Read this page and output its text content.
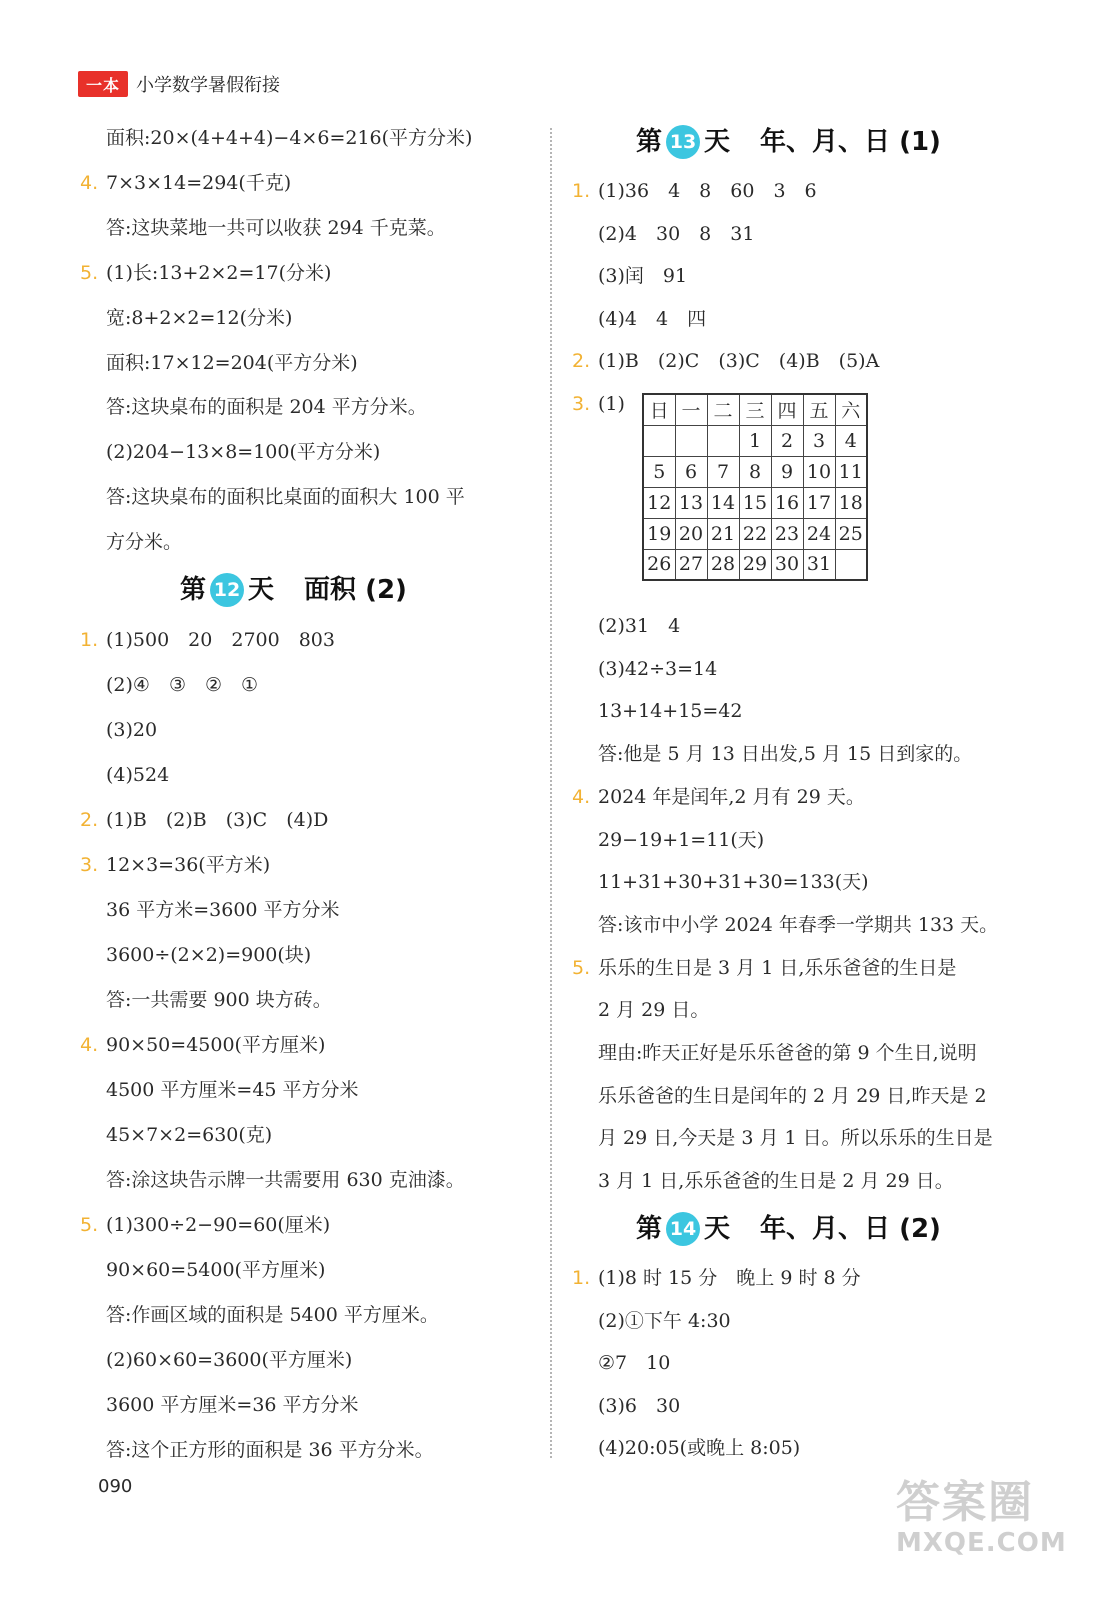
一本 小学数学暑假衔接
面积:20×(4+4+4)−4×6=216(平方分米)
4. 7×3×14=294(千克)
答:这块菜地一共可以收获 294 千克菜。
5. (1)长:13+2×2=17(分米)
宽:8+2×2=12(分米)
面积:17×12=204(平方分米)
答:这块桌布的面积是 204 平方分米。
(2)204−13×8=100(平方分米)
答:这块桌布的面积比桌面的面积大 100 平
方分米。
1. (1)500　20　2700　803
(2)④　③　②　①
(3)20
(4)524
2. (1)B　(2)B　(3)C　(4)D
3. 12×3=36(平方米)
36 平方米=3600 平方分米
3600÷(2×2)=900(块)
答:一共需要 900 块方砖。
4. 90×50=4500(平方厘米)
4500 平方厘米=45 平方分米
45×7×2=630(克)
答:涂这块告示牌一共需要用 630 克油漆。
5. (1)300÷2−90=60(厘米)
90×60=5400(平方厘米)
答:作画区域的面积是 5400 平方厘米。
(2)60×60=3600(平方厘米)
3600 平方厘米=36 平方分米
答:这个正方形的面积是 36 平方分米。
1. (1)36　4　8　60　3　6
(2)4　30　8　31
(3)闰　91
(4)4　4　四
2. (1)B　(2)C　(3)C　(4)B　(5)A
3. (1)
(2)31　4
(3)42÷3=14
13+14+15=42
答:他是 5 月 13 日出发,5 月 15 日到家的。
4. 2024 年是闰年,2 月有 29 天。
29−19+1=11(天)
11+31+30+31+30=133(天)
答:该市中小学 2024 年春季一学期共 133 天。
5. 乐乐的生日是 3 月 1 日,乐乐爸爸的生日是
2 月 29 日。
理由:昨天正好是乐乐爸爸的第 9 个生日,说明
乐乐爸爸的生日是闰年的 2 月 29 日,昨天是 2
月 29 日,今天是 3 月 1 日。所以乐乐的生日是
3 月 1 日,乐乐爸爸的生日是 2 月 29 日。
1. (1)8 时 15 分　晚上 9 时 8 分
(2)①下午 4:30
②7　10
(3)6　30
(4)20:05(或晚上 8:05)
第 12 天 面积 (2)
第 13 天 年、月、日 (1)
第 14 天 年、月、日 (2)
日	一	二	三	四	五	六
			1	2	3	4
5	6	7	8	9	10	11
12	13	14	15	16	17	18
19	20	21	22	23	24	25
26	27	28	29	30	31	
090	答案圈
MXQE.COM
